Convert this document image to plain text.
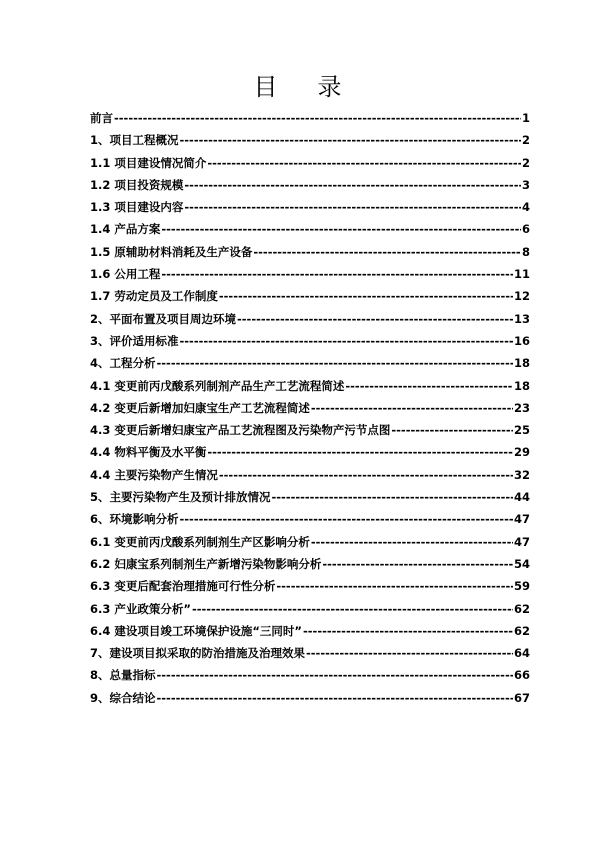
目录
前言 -----	1
1、项目工程概况 -----	2
1.1 项目建设情况简介 -----	2
1.2 项目投资规模 -----	3
1.3 项目建设内容 -----	4
1.4 产品方案 -----	6
1.5 原辅助材料消耗及生产设备 -----	8
1.6 公用工程 -----	11
1.7 劳动定员及工作制度 -----	12
2、平面布置及项目周边环境 -----	13
3、评价适用标准 -----	16
4、工程分析 -----	18
4.1 变更前丙戊酸系列制剂产品生产工艺流程简述 -----	18
4.2 变更后新增加妇康宝生产工艺流程简述 -----	23
4.3 变更后新增妇康宝产品工艺流程图及污染物产污节点图 -----	25
4.4 物料平衡及水平衡 -----	29
4.4 主要污染物产生情况 -----	32
5、主要污染物产生及预计排放情况 -----	44
6、环境影响分析 -----	47
6.1 变更前丙戊酸系列制剂生产区影响分析 -----	47
6.2 妇康宝系列制剂生产新增污染物影响分析 -----	54
6.3 变更后配套治理措施可行性分析 -----	59
6.3 产业政策分析” -----	62
6.4 建设项目竣工环境保护设施“三同时” -----	62
7、建设项目拟采取的防治措施及治理效果 -----	64
8、总量指标 -----	66
9、综合结论 -----	67
